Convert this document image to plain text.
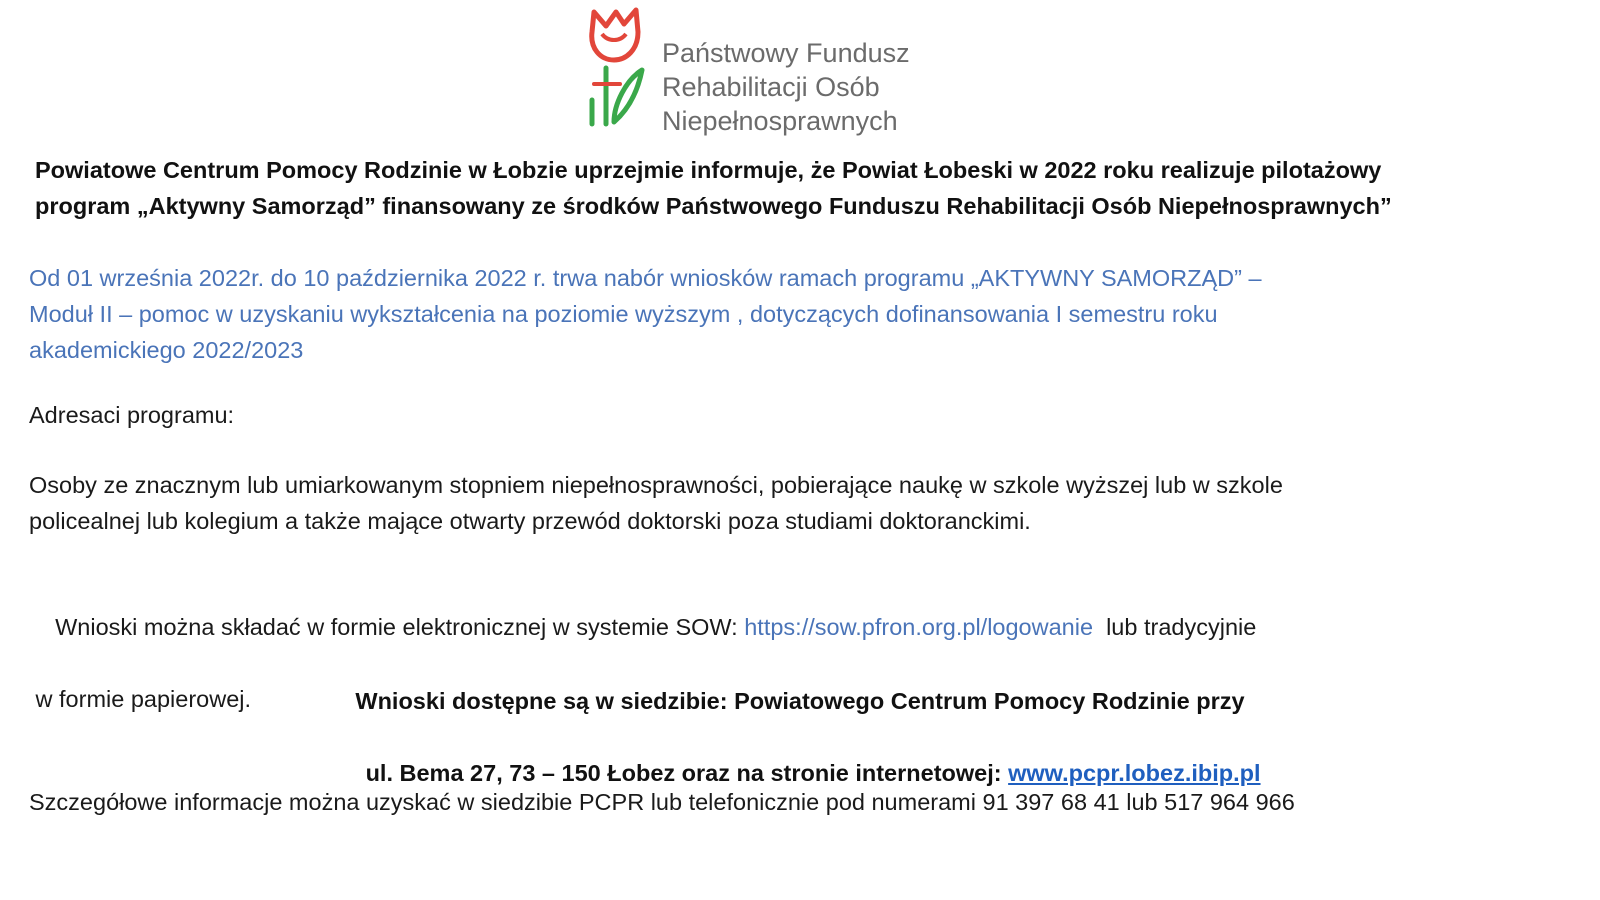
Państwowy Fundusz
Rehabilitacji Osób
Niepełnosprawnych
Powiatowe Centrum Pomocy Rodzinie w Łobzie uprzejmie informuje, że Powiat Łobeski w 2022 roku realizuje pilotażowy
program „Aktywny Samorząd” finansowany ze środków Państwowego Funduszu Rehabilitacji Osób Niepełnosprawnych”
Od 01 września 2022r. do 10 października 2022 r. trwa nabór wniosków ramach programu „AKTYWNY SAMORZĄD” –
Moduł II – pomoc w uzyskaniu wykształcenia na poziomie wyższym , dotyczących dofinansowania I semestru roku
akademickiego 2022/2023
Adresaci programu:
Osoby ze znacznym lub umiarkowanym stopniem niepełnosprawności, pobierające naukę w szkole wyższej lub w szkole
policealnej lub kolegium a także mające otwarty przewód doktorski poza studiami doktoranckimi.

Wnioski można składać w formie elektronicznej w systemie SOW: https://sow.pfron.org.pl/logowanie  lub tradycyjnie

w formie papierowej.	Wnioski dostępne są w siedzibie: Powiatowego Centrum Pomocy Rodzinie przy

ul. Bema 27, 73 – 150 Łobez oraz na stronie internetowej: www.pcpr.lobez.ibip.pl

Szczegółowe informacje można uzyskać w siedzibie PCPR lub telefonicznie pod numerami 91 397 68 41 lub 517 964 966
